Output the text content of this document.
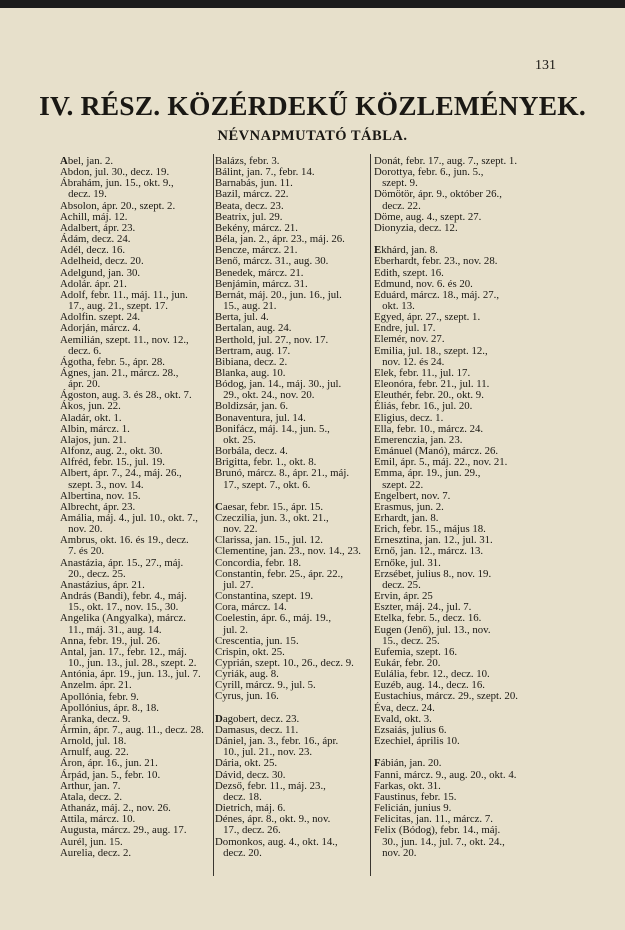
131
IV. RÉSZ. KÖZÉRDEKŰ KÖZLEMÉNYEK.
NÉVNAPMUTATÓ TÁBLA.
Abel, jan. 2.
Abdon, jul. 30., decz. 19.
Ábrahám, jun. 15., okt. 9.,
decz. 19.
Absolon, ápr. 20., szept. 2.
Achill, máj. 12.
Adalbert, ápr. 23.
Ádám, decz. 24.
Adél, decz. 16.
Adelheid, decz. 20.
Adelgund, jan. 30.
Adolár. ápr. 21.
Adolf, febr. 11., máj. 11., jun.
17., aug. 21., szept. 17.
Adolfin. szept. 24.
Adorján, márcz. 4.
Aemilián, szept. 11., nov. 12.,
decz. 6.
Ágotha, febr. 5., ápr. 28.
Ágnes, jan. 21., márcz. 28.,
ápr. 20.
Ágoston, aug. 3. és 28., okt. 7.
Ákos, jun. 22.
Aladár, okt. 1.
Albin, márcz. 1.
Alajos, jun. 21.
Alfonz, aug. 2., okt. 30.
Alfréd, febr. 15., jul. 19.
Albert, ápr. 7., 24., máj. 26.,
szept. 3., nov. 14.
Albertina, nov. 15.
Albrecht, ápr. 23.
Amália, máj. 4., jul. 10., okt. 7.,
nov. 20.
Ambrus, okt. 16. és 19., decz.
7. és 20.
Anastázia, ápr. 15., 27., máj.
20., decz. 25.
Anastázius, ápr. 21.
András (Bandi), febr. 4., máj.
15., okt. 17., nov. 15., 30.
Angelika (Angyalka), márcz.
11., máj. 31., aug. 14.
Anna, febr. 19., jul. 26.
Antal, jan. 17., febr. 12., máj.
10., jun. 13., jul. 28., szept. 2.
Antónia, ápr. 19., jun. 13., jul. 7.
Anzelm. ápr. 21.
Apollónia, febr. 9.
Apollónius, ápr. 8., 18.
Aranka, decz. 9.
Ármin, ápr. 7., aug. 11., decz. 28.
Arnold, jul. 18.
Arnulf, aug. 22.
Áron, ápr. 16., jun. 21.
Árpád, jan. 5., febr. 10.
Arthur, jan. 7.
Atala, decz. 2.
Athanáz, máj. 2., nov. 26.
Attila, márcz. 10.
Augusta, márcz. 29., aug. 17.
Aurél, jun. 15.
Aurelia, decz. 2.
Balázs, febr. 3.
Bálint, jan. 7., febr. 14.
Barnabás, jun. 11.
Bazil, márcz. 22.
Beata, decz. 23.
Beatrix, jul. 29.
Bekény, márcz. 21.
Béla, jan. 2., ápr. 23., máj. 26.
Bencze, márcz. 21.
Benő, márcz. 31., aug. 30.
Benedek, márcz. 21.
Benjámin, márcz. 31.
Bernát, máj. 20., jun. 16., jul.
15., aug. 21.
Berta, jul. 4.
Bertalan, aug. 24.
Berthold, jul. 27., nov. 17.
Bertram, aug. 17.
Bibiana, decz. 2.
Blanka, aug. 10.
Bódog, jan. 14., máj. 30., jul.
29., okt. 24., nov. 20.
Boldizsár, jan. 6.
Bonaventura, jul. 14.
Bonifácz, máj. 14., jun. 5.,
okt. 25.
Borbála, decz. 4.
Brigitta, febr. 1., okt. 8.
Brunó, márcz. 8., ápr. 21., máj.
17., szept. 7., okt. 6.
Caesar, febr. 15., ápr. 15.
Czeczilia, jun. 3., okt. 21.,
nov. 22.
Clarissa, jan. 15., jul. 12.
Clementine, jan. 23., nov. 14., 23.
Concordia, febr. 18.
Constantin, febr. 25., ápr. 22.,
jul. 27.
Constantina, szept. 19.
Cora, márcz. 14.
Coelestin, ápr. 6., máj. 19.,
jul. 2.
Crescentia, jun. 15.
Crispin, okt. 25.
Cyprián, szept. 10., 26., decz. 9.
Cyriák, aug. 8.
Cyrill, márcz. 9., jul. 5.
Cyrus, jun. 16.
Dagobert, decz. 23.
Damasus, decz. 11.
Dániel, jan. 3., febr. 16., ápr.
10., jul. 21., nov. 23.
Dária, okt. 25.
Dávid, decz. 30.
Dezső, febr. 11., máj. 23.,
decz. 18.
Dietrich, máj. 6.
Dénes, ápr. 8., okt. 9., nov.
17., decz. 26.
Domonkos, aug. 4., okt. 14.,
decz. 20.
Donát, febr. 17., aug. 7., szept. 1.
Dorottya, febr. 6., jun. 5.,
szept. 9.
Dömötör, ápr. 9., október 26.,
decz. 22.
Döme, aug. 4., szept. 27.
Dionyzia, decz. 12.
Ekhárd, jan. 8.
Eberhardt, febr. 23., nov. 28.
Edith, szept. 16.
Edmund, nov. 6. és 20.
Eduárd, márcz. 18., máj. 27.,
okt. 13.
Egyed, ápr. 27., szept. 1.
Endre, jul. 17.
Elemér, nov. 27.
Emilia, jul. 18., szept. 12.,
nov. 12. és 24.
Elek, febr. 11., jul. 17.
Eleonóra, febr. 21., jul. 11.
Eleuthér, febr. 20., okt. 9.
Éliás, febr. 16., jul. 20.
Eligius, decz. 1.
Ella, febr. 10., márcz. 24.
Emerenczia, jan. 23.
Emánuel (Manó), márcz. 26.
Emil, ápr. 5., máj. 22., nov. 21.
Emma, ápr. 19., jun. 29.,
szept. 22.
Engelbert, nov. 7.
Erasmus, jun. 2.
Erhardt, jan. 8.
Erich, febr. 15., május 18.
Ernesztina, jan. 12., jul. 31.
Ernő, jan. 12., márcz. 13.
Ernőke, jul. 31.
Erzsébet, julius 8., nov. 19.
decz. 25.
Ervin, ápr. 25
Eszter, máj. 24., jul. 7.
Etelka, febr. 5., decz. 16.
Eugen (Jenő), jul. 13., nov.
15., decz. 25.
Eufemia, szept. 16.
Eukár, febr. 20.
Eulália, febr. 12., decz. 10.
Euzéb, aug. 14., decz. 16.
Eustachius, márcz. 29., szept. 20.
Éva, decz. 24.
Evald, okt. 3.
Ezsaiás, julius 6.
Ezechiel, április 10.
Fábián, jan. 20.
Fanni, márcz. 9., aug. 20., okt. 4.
Farkas, okt. 31.
Faustinus, febr. 15.
Felicián, junius 9.
Felicitas, jan. 11., márcz. 7.
Felix (Bódog), febr. 14., máj.
30., jun. 14., jul. 7., okt. 24.,
nov. 20.
